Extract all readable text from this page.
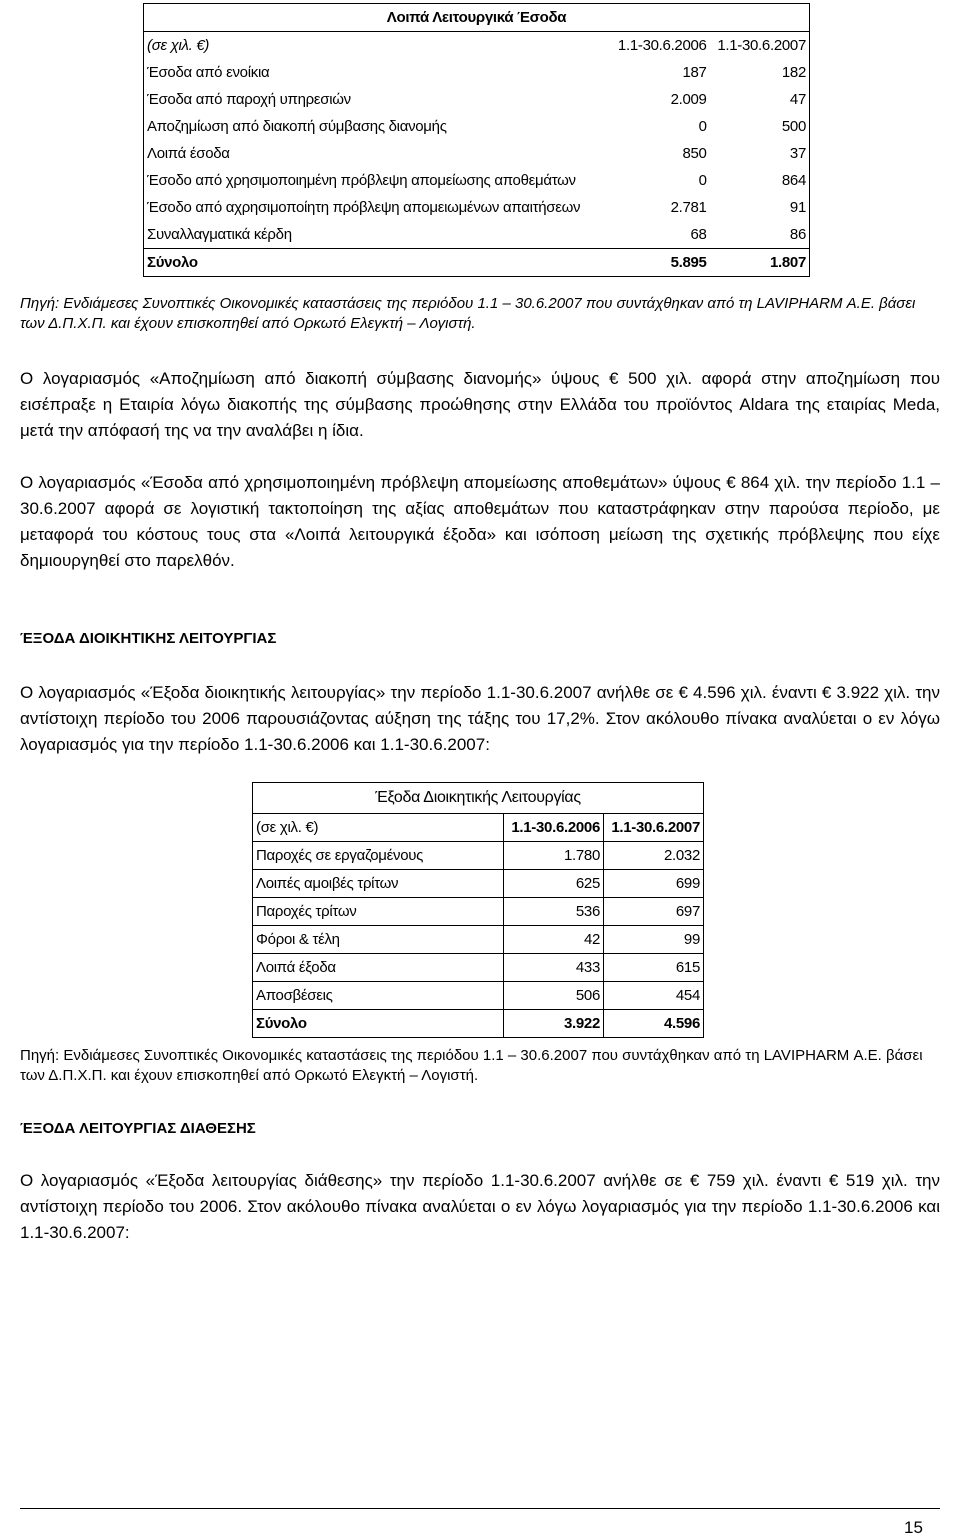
Λοιπά Λειτουργικά Έσοδα		
(σε χιλ. €)	1.1-30.6.2006	1.1-30.6.2007
Έσοδα από ενοίκια	187	182
Έσοδα από παροχή υπηρεσιών	2.009	47
Αποζημίωση από διακοπή σύμβασης διανομής	0	500
Λοιπά έσοδα	850	37
Έσοδο από χρησιμοποιημένη πρόβλεψη απομείωσης αποθεμάτων	0	864
Έσοδο από αχρησιμοποίητη πρόβλεψη απομειωμένων απαιτήσεων	2.781	91
Συναλλαγματικά κέρδη	68	86
Σύνολο	5.895	1.807
Πηγή: Ενδιάμεσες Συνοπτικές Οικονομικές καταστάσεις της περιόδου 1.1 – 30.6.2007 που συντάχθηκαν από τη LAVIPHARM Α.Ε. βάσει των Δ.Π.Χ.Π. και έχουν επισκοπηθεί από Ορκωτό Ελεγκτή – Λογιστή.
Ο λογαριασμός «Αποζημίωση από διακοπή σύμβασης διανομής» ύψους € 500 χιλ. αφορά στην αποζημίωση που εισέπραξε η Εταιρία λόγω διακοπής της σύμβασης προώθησης στην Ελλάδα του προϊόντος Aldara της εταιρίας Meda, μετά την απόφασή της να την αναλάβει η ίδια.
Ο λογαριασμός «Έσοδα από χρησιμοποιημένη πρόβλεψη απομείωσης αποθεμάτων» ύψους € 864 χιλ. την περίοδο 1.1 – 30.6.2007 αφορά σε λογιστική τακτοποίηση της αξίας αποθεμάτων που καταστράφηκαν στην παρούσα περίοδο, με μεταφορά του κόστους τους στα «Λοιπά λειτουργικά έξοδα» και ισόποση μείωση της σχετικής πρόβλεψης που είχε δημιουργηθεί στο παρελθόν.
ΈΞΟΔΑ ΔΙΟΙΚΗΤΙΚΗΣ ΛΕΙΤΟΥΡΓΙΑΣ
Ο λογαριασμός «Έξοδα διοικητικής λειτουργίας» την περίοδο 1.1-30.6.2007 ανήλθε σε € 4.596 χιλ. έναντι € 3.922 χιλ. την αντίστοιχη περίοδο του 2006 παρουσιάζοντας αύξηση της τάξης του 17,2%. Στον ακόλουθο πίνακα αναλύεται ο εν λόγω λογαριασμός για την περίοδο 1.1-30.6.2006 και 1.1-30.6.2007:
Έξοδα Διοικητικής Λειτουργίας		
(σε χιλ. €)	1.1-30.6.2006	1.1-30.6.2007
Παροχές σε εργαζομένους	1.780	2.032
Λοιπές αμοιβές τρίτων	625	699
Παροχές τρίτων	536	697
Φόροι & τέλη	42	99
Λοιπά έξοδα	433	615
Αποσβέσεις	506	454
Σύνολο	3.922	4.596
Πηγή: Ενδιάμεσες Συνοπτικές Οικονομικές καταστάσεις της περιόδου 1.1 – 30.6.2007 που συντάχθηκαν από τη LAVIPHARM Α.Ε. βάσει των Δ.Π.Χ.Π. και έχουν επισκοπηθεί από Ορκωτό Ελεγκτή – Λογιστή.
ΈΞΟΔΑ ΛΕΙΤΟΥΡΓΙΑΣ ΔΙΑΘΕΣΗΣ
Ο λογαριασμός «Έξοδα λειτουργίας διάθεσης» την περίοδο 1.1-30.6.2007 ανήλθε σε € 759 χιλ. έναντι € 519 χιλ. την αντίστοιχη περίοδο του 2006. Στον ακόλουθο πίνακα αναλύεται ο εν λόγω λογαριασμός για την περίοδο 1.1-30.6.2006 και 1.1-30.6.2007:
15
